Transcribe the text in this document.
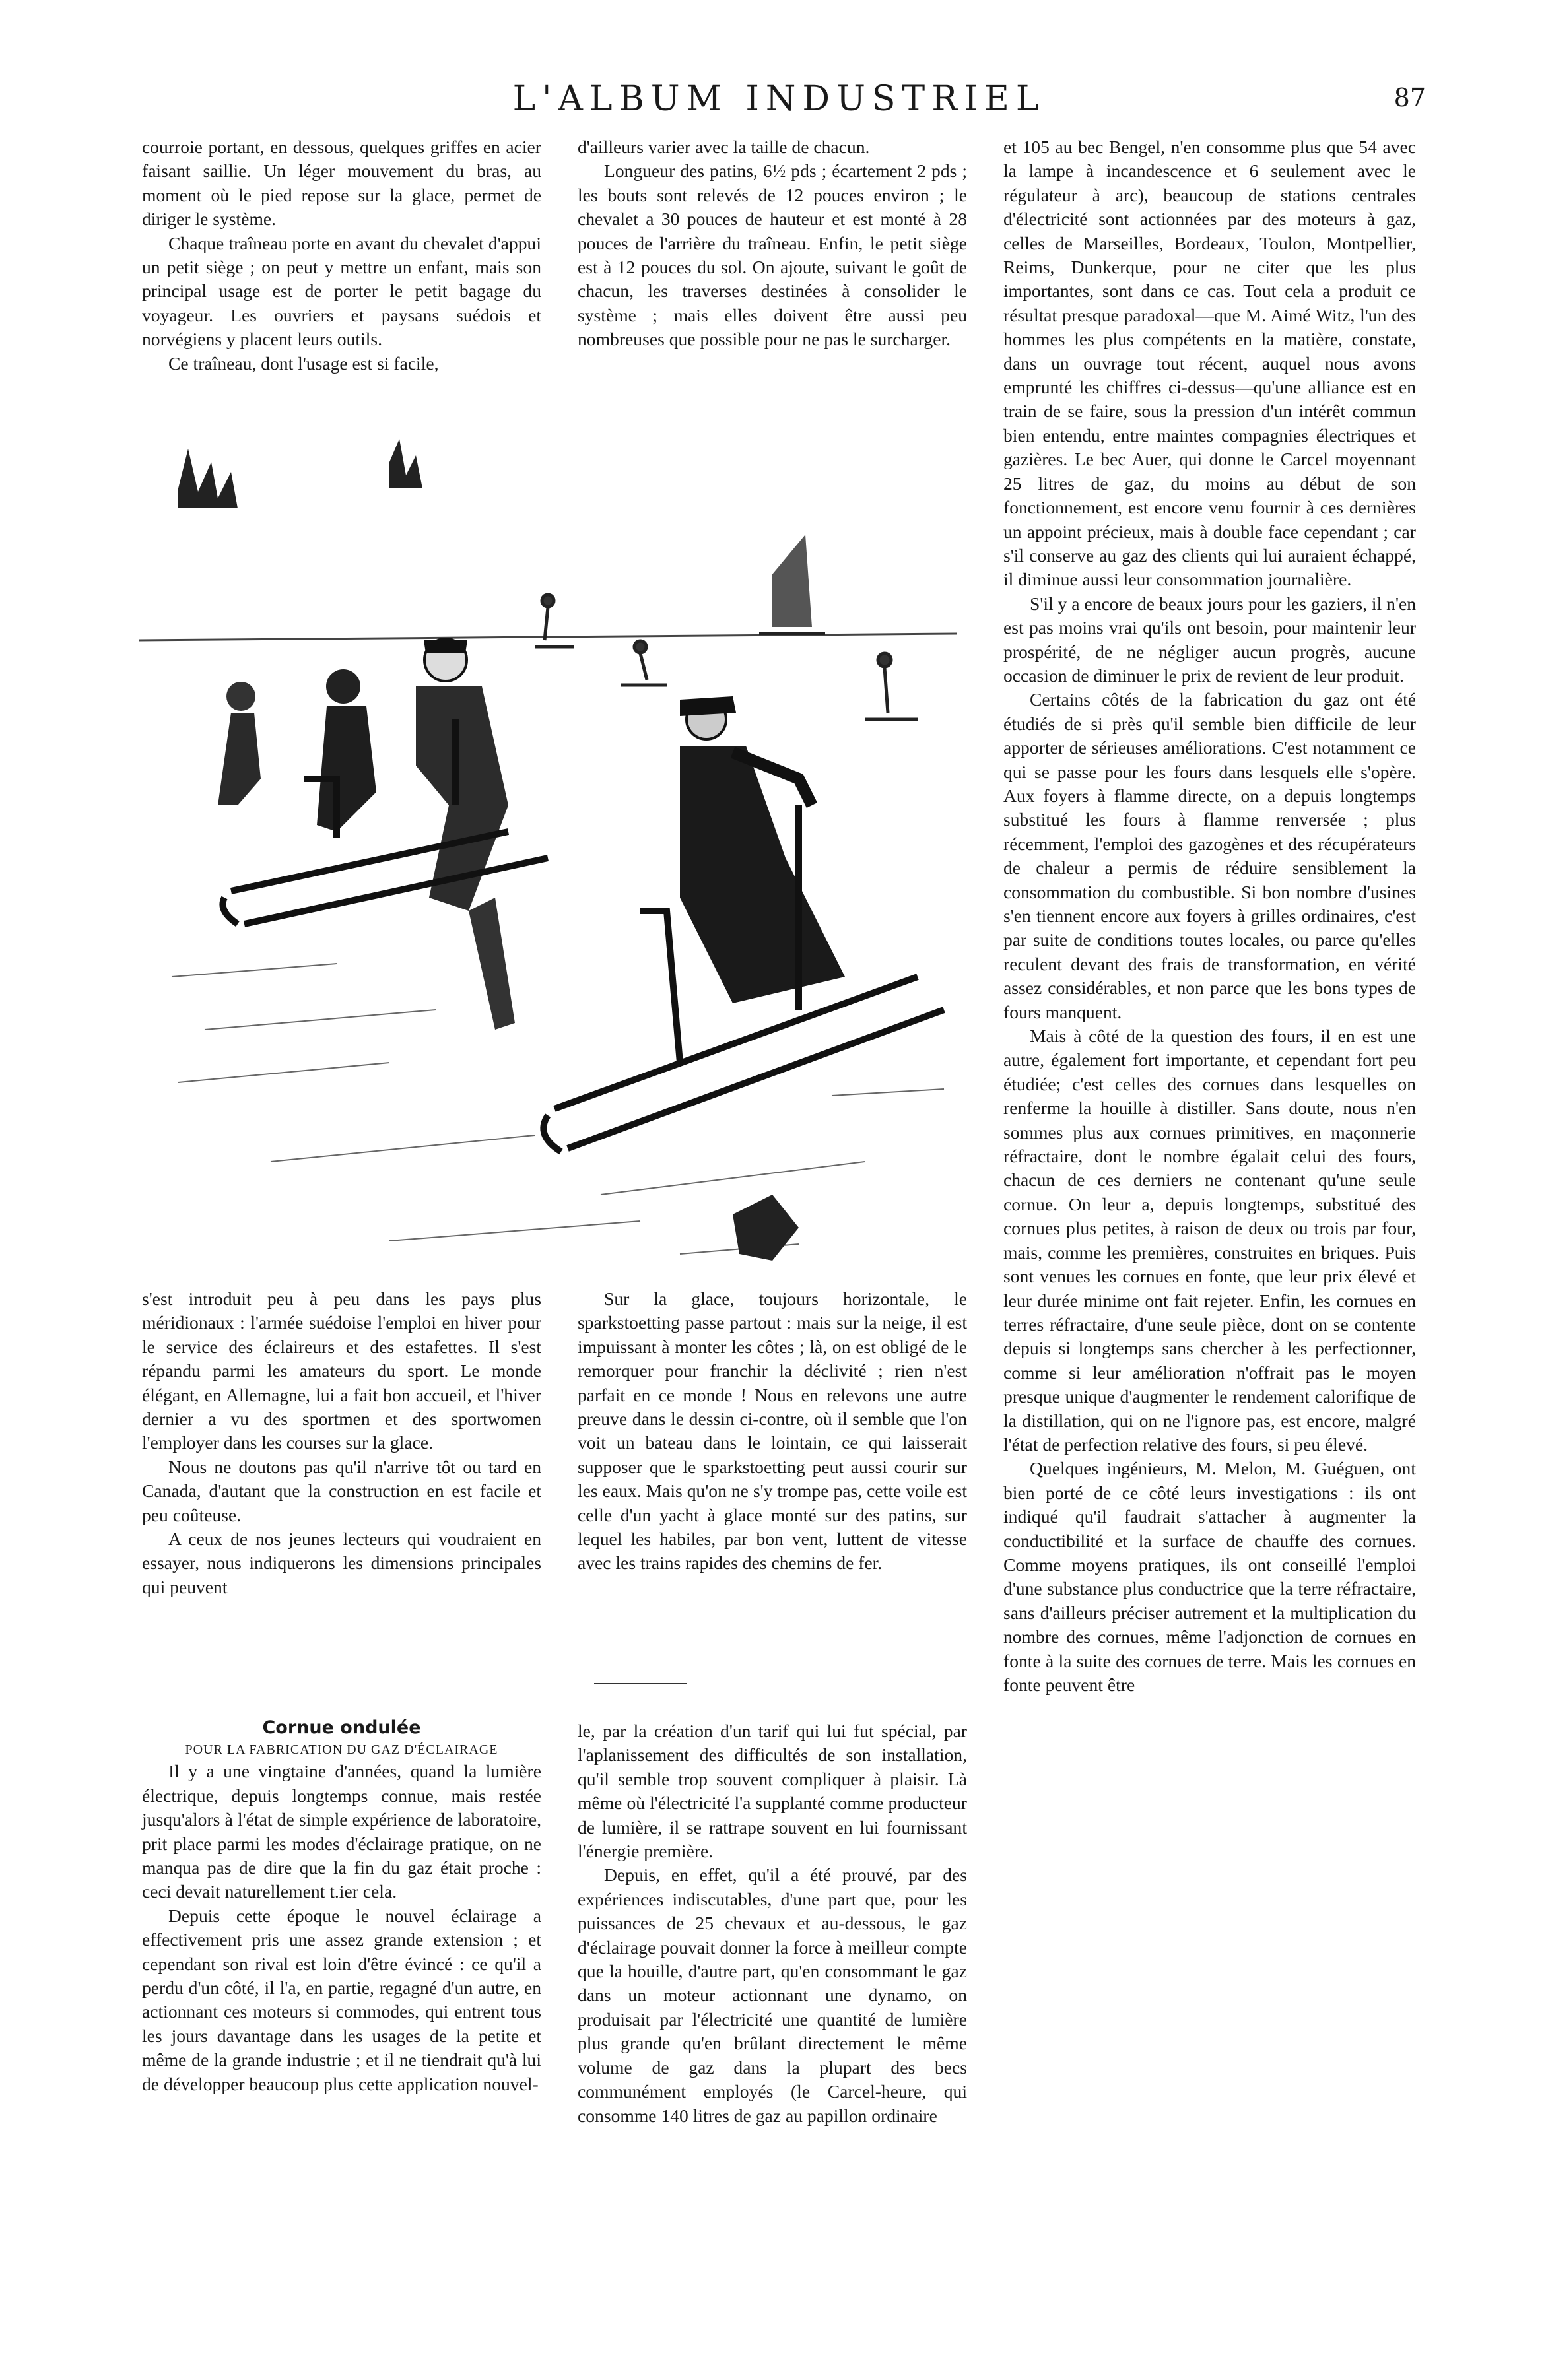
L'ALBUM INDUSTRIEL	87

courroie portant, en dessous, quelques griffes en acier faisant saillie. Un léger mouvement du bras, au moment où le pied repose sur la glace, permet de diriger le système.

Chaque traîneau porte en avant du chevalet d'appui un petit siège ; on peut y mettre un enfant, mais son principal usage est de porter le petit bagage du voyageur. Les ouvriers et paysans suédois et norvégiens y placent leurs outils.

Ce traîneau, dont l'usage est si facile,

d'ailleurs varier avec la taille de chacun.

Longueur des patins, 6½ pds ; écartement 2 pds ; les bouts sont relevés de 12 pouces environ ; le chevalet a 30 pouces de hauteur et est monté à 28 pouces de l'arrière du traîneau. Enfin, le petit siège est à 12 pouces du sol. On ajoute, suivant le goût de chacun, les traverses destinées à consolider le système ; mais elles doivent être aussi peu nombreuses que possible pour ne pas le surcharger.

s'est introduit peu à peu dans les pays plus méridionaux : l'armée suédoise l'emploi en hiver pour le service des éclaireurs et des estafettes. Il s'est répandu parmi les amateurs du sport. Le monde élégant, en Allemagne, lui a fait bon accueil, et l'hiver dernier a vu des sportmen et des sportwomen l'employer dans les courses sur la glace.

Nous ne doutons pas qu'il n'arrive tôt ou tard en Canada, d'autant que la construction en est facile et peu coûteuse.

A ceux de nos jeunes lecteurs qui voudraient en essayer, nous indiquerons les dimensions principales qui peuvent

Sur la glace, toujours horizontale, le sparkstoetting passe partout : mais sur la neige, il est impuissant à monter les côtes ; là, on est obligé de le remorquer pour franchir la déclivité ; rien n'est parfait en ce monde ! Nous en relevons une autre preuve dans le dessin ci-contre, où il semble que l'on voit un bateau dans le lointain, ce qui laisserait supposer que le sparkstoetting peut aussi courir sur les eaux. Mais qu'on ne s'y trompe pas, cette voile est celle d'un yacht à glace monté sur des patins, sur lequel les habiles, par bon vent, luttent de vitesse avec les trains rapides des chemins de fer.

Cornue ondulée

POUR LA FABRICATION DU GAZ D'ÉCLAIRAGE

Il y a une vingtaine d'années, quand la lumière électrique, depuis longtemps connue, mais restée jusqu'alors à l'état de simple expérience de laboratoire, prit place parmi les modes d'éclairage pratique, on ne manqua pas de dire que la fin du gaz était proche : ceci devait naturellement t.ier cela.

Depuis cette époque le nouvel éclairage a effectivement pris une assez grande extension ; et cependant son rival est loin d'être évincé : ce qu'il a perdu d'un côté, il l'a, en partie, regagné d'un autre, en actionnant ces moteurs si commodes, qui entrent tous les jours davantage dans les usages de la petite et même de la grande industrie ; et il ne tiendrait qu'à lui de développer beaucoup plus cette application nouvel-

le, par la création d'un tarif qui lui fut spécial, par l'aplanissement des difficultés de son installation, qu'il semble trop souvent compliquer à plaisir. Là même où l'électricité l'a supplanté comme producteur de lumière, il se rattrape souvent en lui fournissant l'énergie première.

Depuis, en effet, qu'il a été prouvé, par des expériences indiscutables, d'une part que, pour les puissances de 25 chevaux et au-dessous, le gaz d'éclairage pouvait donner la force à meilleur compte que la houille, d'autre part, qu'en consommant le gaz dans un moteur actionnant une dynamo, on produisait par l'électricité une quantité de lumière plus grande qu'en brûlant directement le même volume de gaz dans la plupart des becs communément employés (le Carcel-heure, qui consomme 140 litres de gaz au papillon ordinaire

et 105 au bec Bengel, n'en consomme plus que 54 avec la lampe à incandescence et 6 seulement avec le régulateur à arc), beaucoup de stations centrales d'électricité sont actionnées par des moteurs à gaz, celles de Marseilles, Bordeaux, Toulon, Montpellier, Reims, Dunkerque, pour ne citer que les plus importantes, sont dans ce cas. Tout cela a produit ce résultat presque paradoxal—que M. Aimé Witz, l'un des hommes les plus compétents en la matière, constate, dans un ouvrage tout récent, auquel nous avons emprunté les chiffres ci-dessus—qu'une alliance est en train de se faire, sous la pression d'un intérêt commun bien entendu, entre maintes compagnies électriques et gazières. Le bec Auer, qui donne le Carcel moyennant 25 litres de gaz, du moins au début de son fonctionnement, est encore venu fournir à ces dernières un appoint précieux, mais à double face cependant ; car s'il conserve au gaz des clients qui lui auraient échappé, il diminue aussi leur consommation journalière.

S'il y a encore de beaux jours pour les gaziers, il n'en est pas moins vrai qu'ils ont besoin, pour maintenir leur prospérité, de ne négliger aucun progrès, aucune occasion de diminuer le prix de revient de leur produit.

Certains côtés de la fabrication du gaz ont été étudiés de si près qu'il semble bien difficile de leur apporter de sérieuses améliorations. C'est notamment ce qui se passe pour les fours dans lesquels elle s'opère. Aux foyers à flamme directe, on a depuis longtemps substitué les fours à flamme renversée ; plus récemment, l'emploi des gazogènes et des récupérateurs de chaleur a permis de réduire sensiblement la consommation du combustible. Si bon nombre d'usines s'en tiennent encore aux foyers à grilles ordinaires, c'est par suite de conditions toutes locales, ou parce qu'elles reculent devant des frais de transformation, en vérité assez considérables, et non parce que les bons types de fours manquent.

Mais à côté de la question des fours, il en est une autre, également fort importante, et cependant fort peu étudiée; c'est celles des cornues dans lesquelles on renferme la houille à distiller. Sans doute, nous n'en sommes plus aux cornues primitives, en maçonnerie réfractaire, dont le nombre égalait celui des fours, chacun de ces derniers ne contenant qu'une seule cornue. On leur a, depuis longtemps, substitué des cornues plus petites, à raison de deux ou trois par four, mais, comme les premières, construites en briques. Puis sont venues les cornues en fonte, que leur prix élevé et leur durée minime ont fait rejeter. Enfin, les cornues en terres réfractaire, d'une seule pièce, dont on se contente depuis si longtemps sans chercher à les perfectionner, comme si leur amélioration n'offrait pas le moyen presque unique d'augmenter le rendement calorifique de la distillation, qui on ne l'ignore pas, est encore, malgré l'état de perfection relative des fours, si peu élevé.

Quelques ingénieurs, M. Melon, M. Guéguen, ont bien porté de ce côté leurs investigations : ils ont indiqué qu'il faudrait s'attacher à augmenter la conductibilité et la surface de chauffe des cornues. Comme moyens pratiques, ils ont conseillé l'emploi d'une substance plus conductrice que la terre réfractaire, sans d'ailleurs préciser autrement et la multiplication du nombre des cornues, même l'adjonction de cornues en fonte à la suite des cornues de terre. Mais les cornues en fonte peuvent être
